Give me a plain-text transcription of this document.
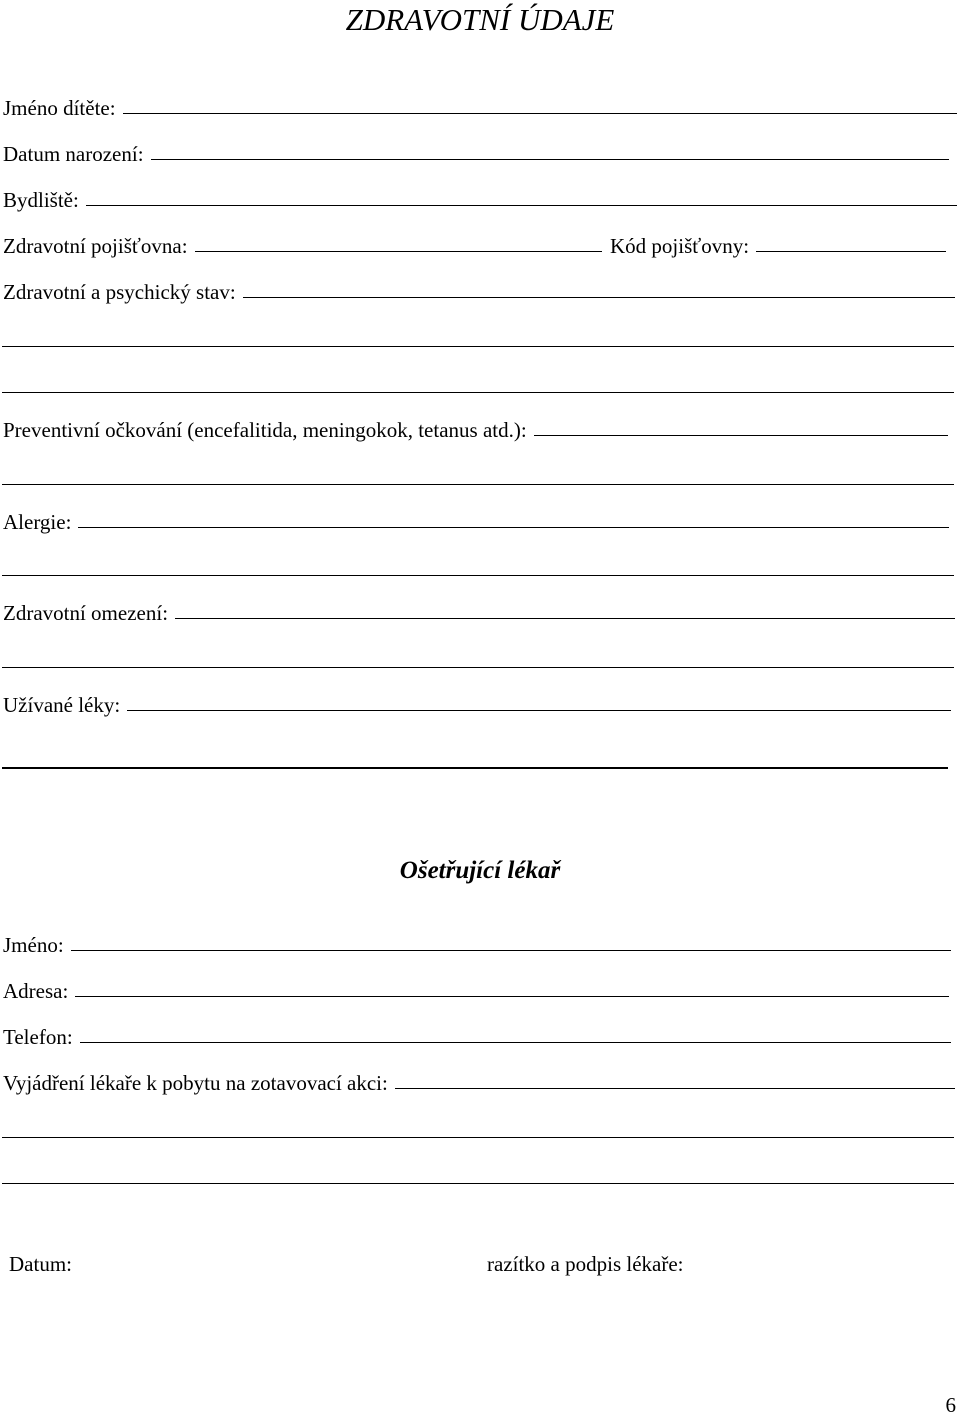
ZDRAVOTNÍ ÚDAJE
Jméno dítěte:
Datum narození:
Bydliště:
Zdravotní pojišťovna:	Kód pojišťovny:
Zdravotní a psychický stav:
Preventivní očkování (encefalitida, meningokok, tetanus atd.):
Alergie:
Zdravotní omezení:
Užívané léky:
Ošetřující lékař
Jméno:
Adresa:
Telefon:
Vyjádření lékaře k pobytu na zotavovací akci:
Datum:	razítko a podpis lékaře:
6
